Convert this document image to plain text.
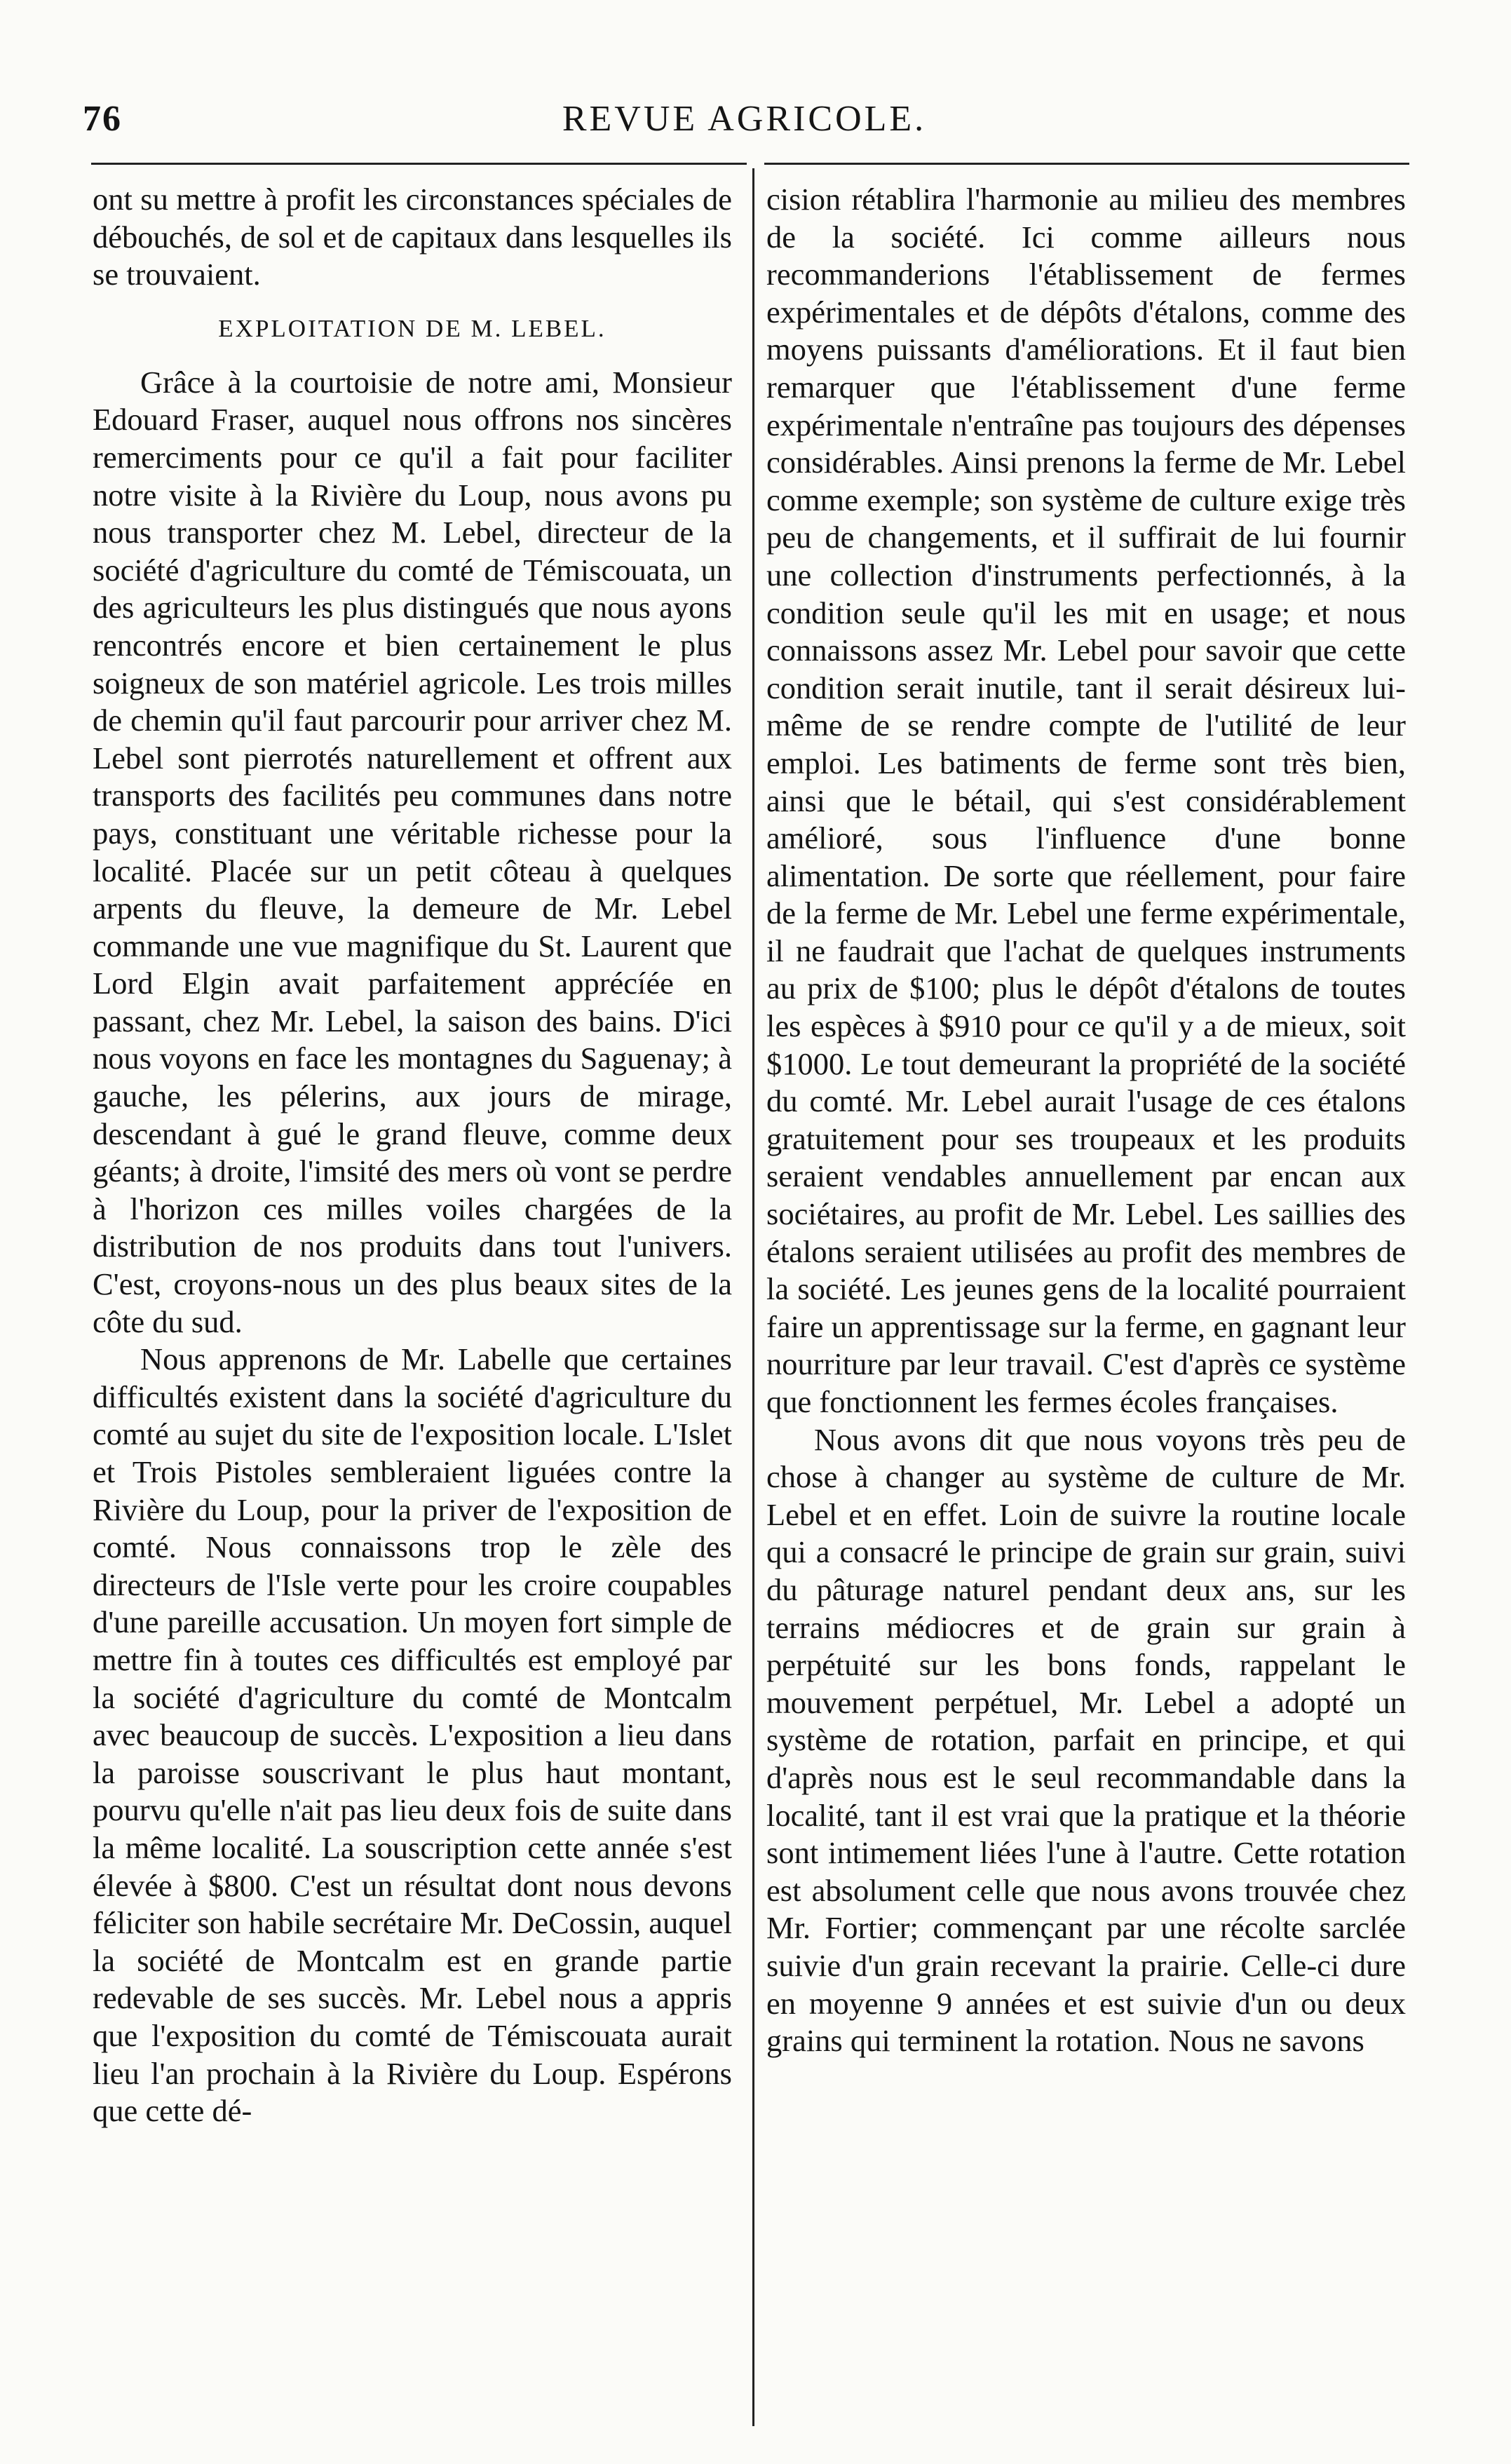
76	REVUE AGRICOLE.

ont su mettre à profit les circonstances spéciales de débouchés, de sol et de capitaux dans lesquelles ils se trouvaient.

EXPLOITATION DE M. LEBEL.

Grâce à la courtoisie de notre ami, Monsieur Edouard Fraser, auquel nous offrons nos sincères remerciments pour ce qu'il a fait pour faciliter notre visite à la Rivière du Loup, nous avons pu nous transporter chez M. Lebel, directeur de la société d'agriculture du comté de Témiscouata, un des agriculteurs les plus distingués que nous ayons rencontrés encore et bien certainement le plus soigneux de son matériel agricole. Les trois milles de chemin qu'il faut parcourir pour arriver chez M. Lebel sont pierrotés naturellement et offrent aux transports des facilités peu communes dans notre pays, constituant une véritable richesse pour la localité. Placée sur un petit côteau à quelques arpents du fleuve, la demeure de Mr. Lebel commande une vue magnifique du St. Laurent que Lord Elgin avait parfaitement apprécíée en passant, chez Mr. Lebel, la saison des bains. D'ici nous voyons en face les montagnes du Saguenay; à gauche, les pélerins, aux jours de mirage, descendant à gué le grand fleuve, comme deux géants; à droite, l'imsité des mers où vont se perdre à l'horizon ces milles voiles chargées de la distribution de nos produits dans tout l'univers. C'est, croyons-nous un des plus beaux sites de la côte du sud.

Nous apprenons de Mr. Labelle que certaines difficultés existent dans la société d'agriculture du comté au sujet du site de l'exposition locale. L'Islet et Trois Pistoles sembleraient liguées contre la Rivière du Loup, pour la priver de l'exposition de comté. Nous connaissons trop le zèle des directeurs de l'Isle verte pour les croire coupables d'une pareille accusation. Un moyen fort simple de mettre fin à toutes ces difficultés est employé par la société d'agriculture du comté de Montcalm avec beaucoup de succès. L'exposition a lieu dans la paroisse souscrivant le plus haut montant, pourvu qu'elle n'ait pas lieu deux fois de suite dans la même localité. La souscription cette année s'est élevée à $800. C'est un résultat dont nous devons féliciter son habile secrétaire Mr. DeCossin, auquel la société de Montcalm est en grande partie redevable de ses succès. Mr. Lebel nous a appris que l'exposition du comté de Témiscouata aurait lieu l'an prochain à la Rivière du Loup. Espérons que cette dé-

cision rétablira l'harmonie au milieu des membres de la société. Ici comme ailleurs nous recommanderions l'établissement de fermes expérimentales et de dépôts d'étalons, comme des moyens puissants d'améliorations. Et il faut bien remarquer que l'établissement d'une ferme expérimentale n'entraîne pas toujours des dépenses considérables. Ainsi prenons la ferme de Mr. Lebel comme exemple; son système de culture exige très peu de changements, et il suffirait de lui fournir une collection d'instruments perfectionnés, à la condition seule qu'il les mit en usage; et nous connaissons assez Mr. Lebel pour savoir que cette condition serait inutile, tant il serait désireux lui-même de se rendre compte de l'utilité de leur emploi. Les batiments de ferme sont très bien, ainsi que le bétail, qui s'est considérablement amélioré, sous l'influence d'une bonne alimentation. De sorte que réellement, pour faire de la ferme de Mr. Lebel une ferme expérimentale, il ne faudrait que l'achat de quelques instruments au prix de $100; plus le dépôt d'étalons de toutes les espèces à $910 pour ce qu'il y a de mieux, soit $1000. Le tout demeurant la propriété de la société du comté. Mr. Lebel aurait l'usage de ces étalons gratuitement pour ses troupeaux et les produits seraient vendables annuellement par encan aux sociétaires, au profit de Mr. Lebel. Les saillies des étalons seraient utilisées au profit des membres de la société. Les jeunes gens de la localité pourraient faire un apprentissage sur la ferme, en gagnant leur nourriture par leur travail. C'est d'après ce système que fonctionnent les fermes écoles françaises.

Nous avons dit que nous voyons très peu de chose à changer au système de culture de Mr. Lebel et en effet. Loin de suivre la routine locale qui a consacré le principe de grain sur grain, suivi du pâturage naturel pendant deux ans, sur les terrains médiocres et de grain sur grain à perpétuité sur les bons fonds, rappelant le mouvement perpétuel, Mr. Lebel a adopté un système de rotation, parfait en principe, et qui d'après nous est le seul recommandable dans la localité, tant il est vrai que la pratique et la théorie sont intimement liées l'une à l'autre. Cette rotation est absolument celle que nous avons trouvée chez Mr. Fortier; commençant par une récolte sarclée suivie d'un grain recevant la prairie. Celle-ci dure en moyenne 9 années et est suivie d'un ou deux grains qui terminent la rotation. Nous ne savons
